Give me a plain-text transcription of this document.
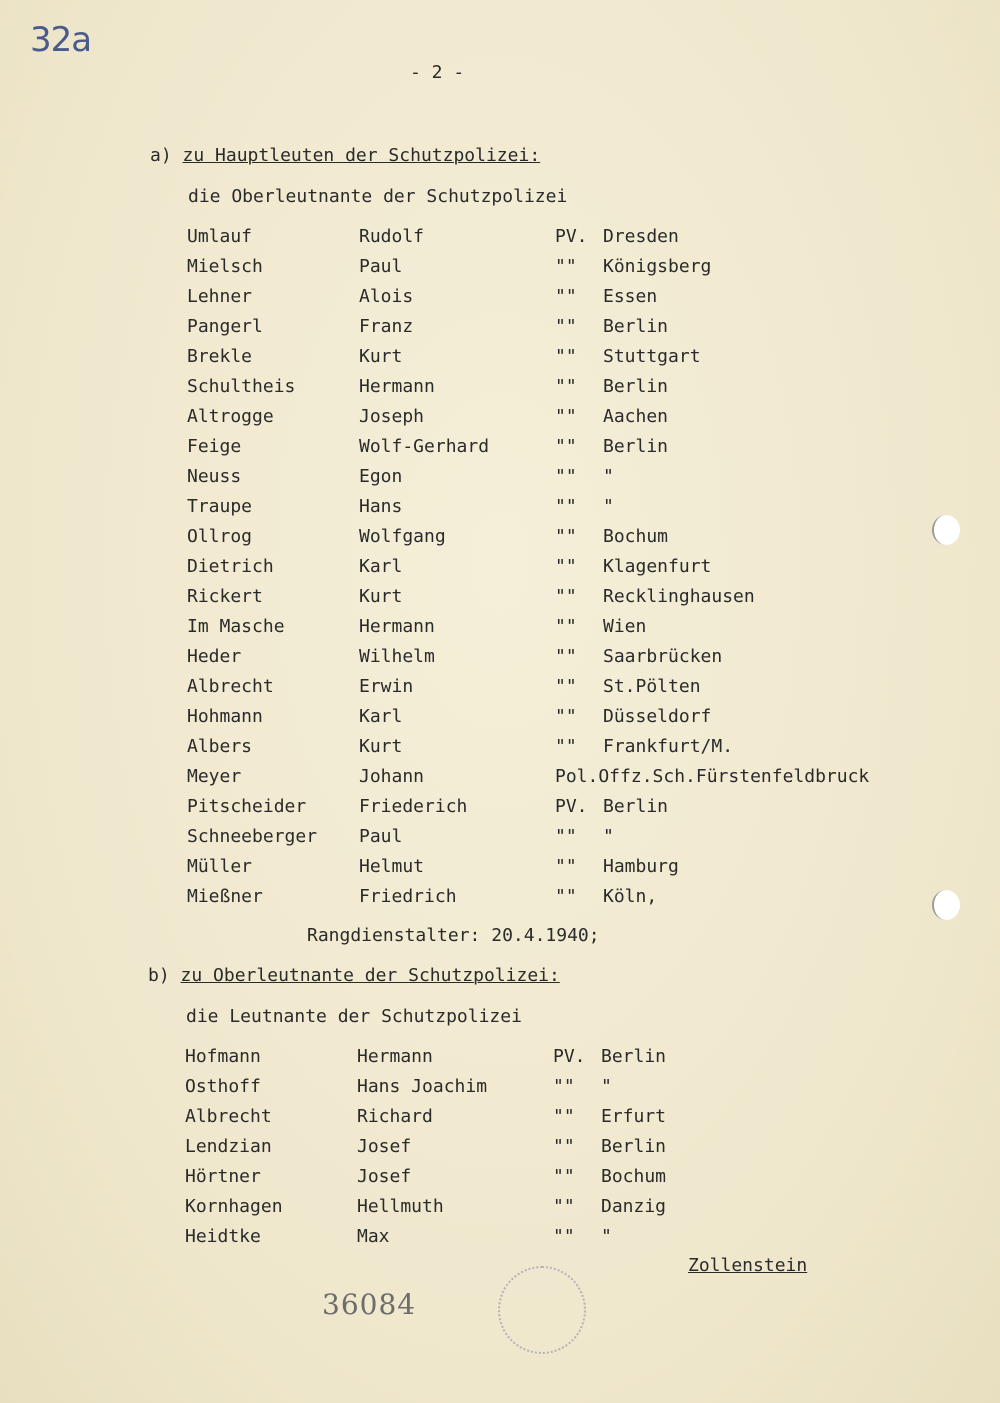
32a
- 2 -
a) zu Hauptleuten der Schutzpolizei:
die Oberleutnante der Schutzpolizei
Umlauf	Rudolf	PV. Dresden
Mielsch	Paul	"" Königsberg
Lehner	Alois	"" Essen
Pangerl	Franz	"" Berlin
Brekle	Kurt	"" Stuttgart
Schultheis	Hermann	"" Berlin
Altrogge	Joseph	"" Aachen
Feige	Wolf-Gerhard	"" Berlin
Neuss	Egon	"" "
Traupe	Hans	"" "
Ollrog	Wolfgang	"" Bochum
Dietrich	Karl	"" Klagenfurt
Rickert	Kurt	"" Recklinghausen
Im Masche	Hermann	"" Wien
Heder	Wilhelm	"" Saarbrücken
Albrecht	Erwin	"" St.Pölten
Hohmann	Karl	"" Düsseldorf
Albers	Kurt	"" Frankfurt/M.
Meyer	Johann	Pol.Offz.Sch.Fürstenfeldbruck
Pitscheider	Friederich	PV. Berlin
Schneeberger Paul	"" "
Müller	Helmut	"" Hamburg
Mießner	Friedrich	"" Köln,
Rangdienstalter: 20.4.1940;
b) zu Oberleutnante der Schutzpolizei:
die Leutnante der Schutzpolizei
Hofmann	Hermann	PV. Berlin
Osthoff	Hans Joachim	"" "
Albrecht	Richard	"" Erfurt
Lendzian	Josef	"" Berlin
Hörtner	Josef	"" Bochum
Kornhagen	Hellmuth	"" Danzig
Heidtke	Max	"" "
Zollenstein
36084
